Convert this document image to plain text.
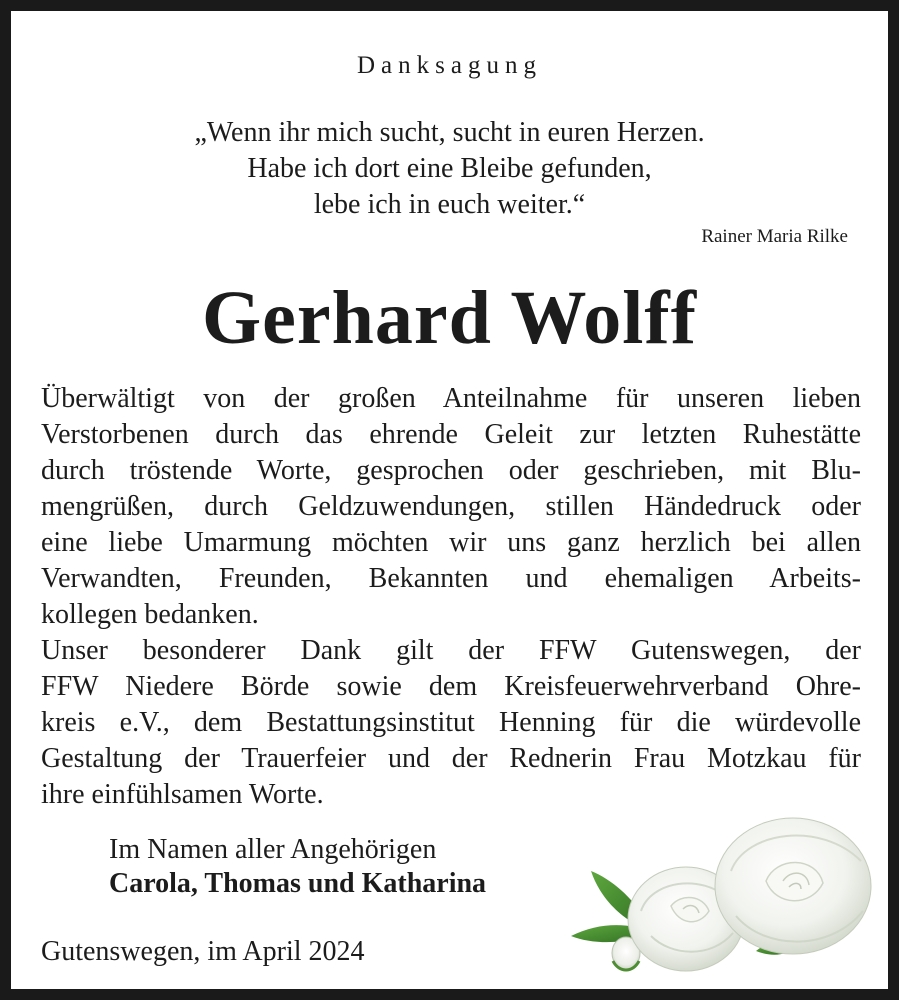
Danksagung
„Wenn ihr mich sucht, sucht in euren Herzen.
Habe ich dort eine Bleibe gefunden,
lebe ich in euch weiter.“
Rainer Maria Rilke
Gerhard Wolff
Überwältigt von der großen Anteilnahme für unseren lieben
Verstorbenen durch das ehrende Geleit zur letzten Ruhestätte
durch tröstende Worte, gesprochen oder geschrieben, mit Blu-
mengrüßen, durch Geldzuwendungen, stillen Händedruck oder
eine liebe Umarmung möchten wir uns ganz herzlich bei allen
Verwandten, Freunden, Bekannten und ehemaligen Arbeits-
kollegen bedanken.
Unser besonderer Dank gilt der FFW Gutenswegen, der
FFW Niedere Börde sowie dem Kreisfeuerwehrverband Ohre-
kreis e.V., dem Bestattungsinstitut Henning für die würdevolle
Gestaltung der Trauerfeier und der Rednerin Frau Motzkau für
ihre einfühlsamen Worte.
Im Namen aller Angehörigen
Carola, Thomas und Katharina
Gutenswegen, im April 2024
